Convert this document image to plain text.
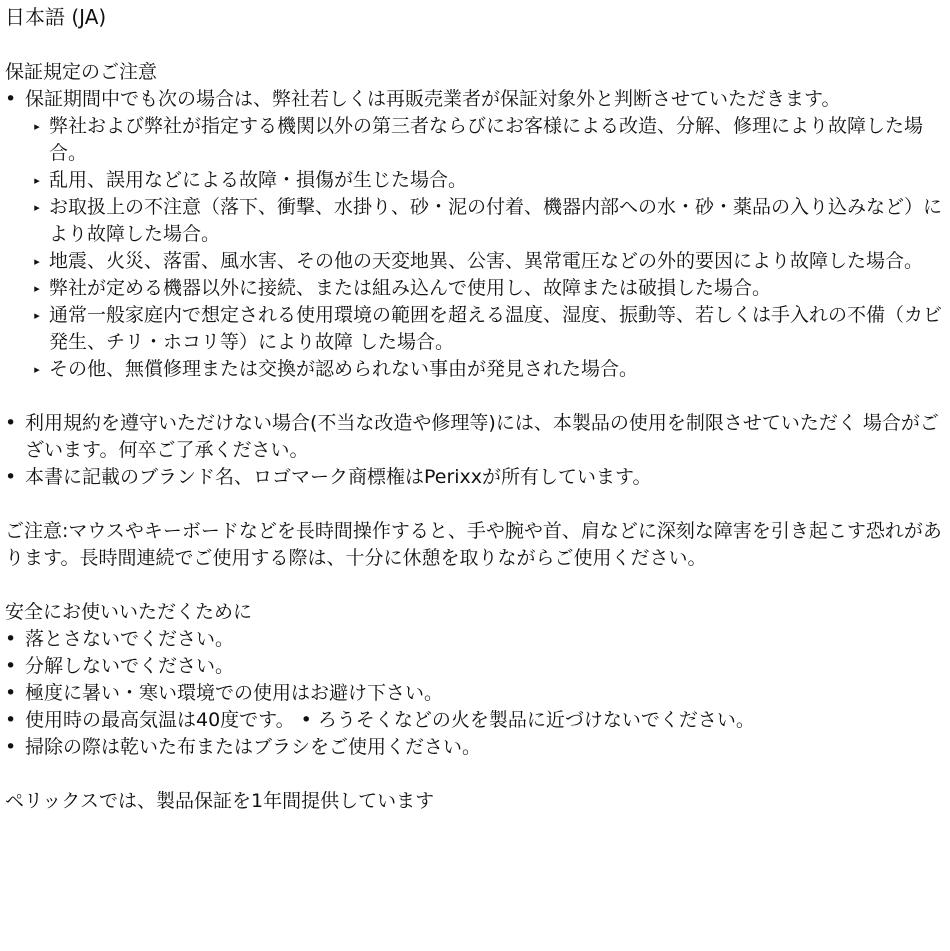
日本語 (JA)
保証規定のご注意
• 保証期間中でも次の場合は、弊社若しくは再販売業者が保証対象外と判断させていただきます。
▸ 弊社および弊社が指定する機関以外の第三者ならびにお客様による改造、分解、修理により故障した場合。
▸ 乱用、誤用などによる故障・損傷が生じた場合。
▸ お取扱上の不注意（落下、衝撃、水掛り、砂・泥の付着、機器内部への水・砂・薬品の入り込みなど）により故障した場合。
▸ 地震、火災、落雷、風水害、その他の天変地異、公害、異常電圧などの外的要因により故障した場合。
▸ 弊社が定める機器以外に接続、または組み込んで使用し、故障または破損した場合。
▸ 通常一般家庭内で想定される使用環境の範囲を超える温度、湿度、振動等、若しくは手入れの不備（カビ発生、チリ・ホコリ等）により故障 した場合。
▸ その他、無償修理または交換が認められない事由が発見された場合。
• 利用規約を遵守いただけない場合(不当な改造や修理等)には、本製品の使用を制限させていただく 場合がございます。何卒ご了承ください。
• 本書に記載のブランド名、ロゴマーク商標権はPerixxが所有しています。
ご注意:マウスやキーボードなどを長時間操作すると、手や腕や首、肩などに深刻な障害を引き起こす恐れがあります。長時間連続でご使用する際は、十分に休憩を取りながらご使用ください。
安全にお使いいただくために
• 落とさないでください。
• 分解しないでください。
• 極度に暑い・寒い環境での使用はお避け下さい。
• 使用時の最高気温は40度です。 • ろうそくなどの火を製品に近づけないでください。
• 掃除の際は乾いた布またはブラシをご使用ください。
ペリックスでは、製品保証を1年間提供しています
